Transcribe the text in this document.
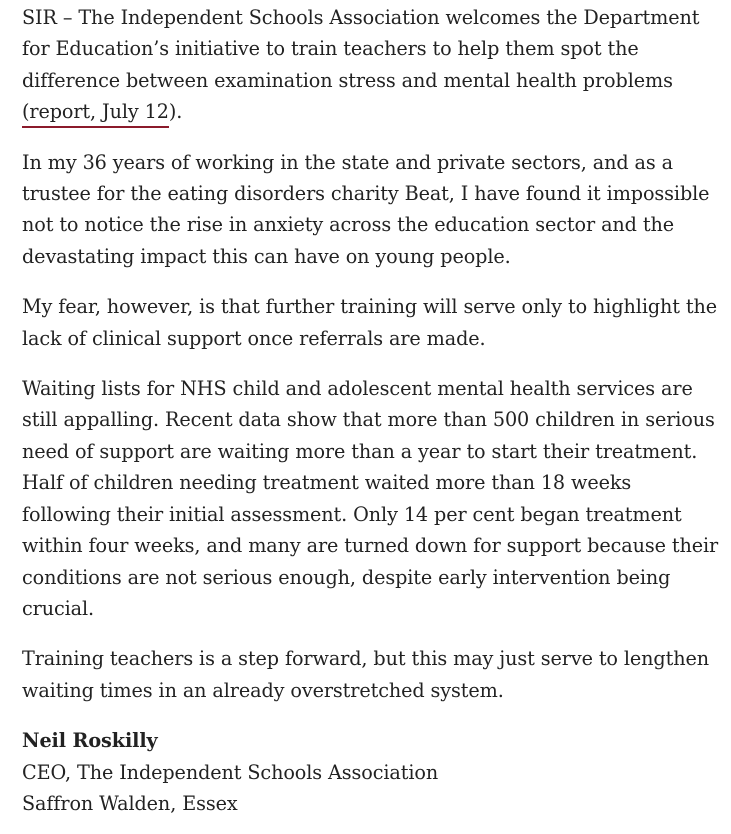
SIR – The Independent Schools Association welcomes the Department for Education’s initiative to train teachers to help them spot the difference between examination stress and mental health problems (report, July 12).

In my 36 years of working in the state and private sectors, and as a trustee for the eating disorders charity Beat, I have found it impossible not to notice the rise in anxiety across the education sector and the devastating impact this can have on young people.

My fear, however, is that further training will serve only to highlight the lack of clinical support once referrals are made.

Waiting lists for NHS child and adolescent mental health services are still appalling. Recent data show that more than 500 children in serious need of support are waiting more than a year to start their treatment. Half of children needing treatment waited more than 18 weeks following their initial assessment. Only 14 per cent began treatment within four weeks, and many are turned down for support because their conditions are not serious enough, despite early intervention being crucial.

Training teachers is a step forward, but this may just serve to lengthen waiting times in an already overstretched system.

Neil Roskilly
CEO, The Independent Schools Association
Saffron Walden, Essex
